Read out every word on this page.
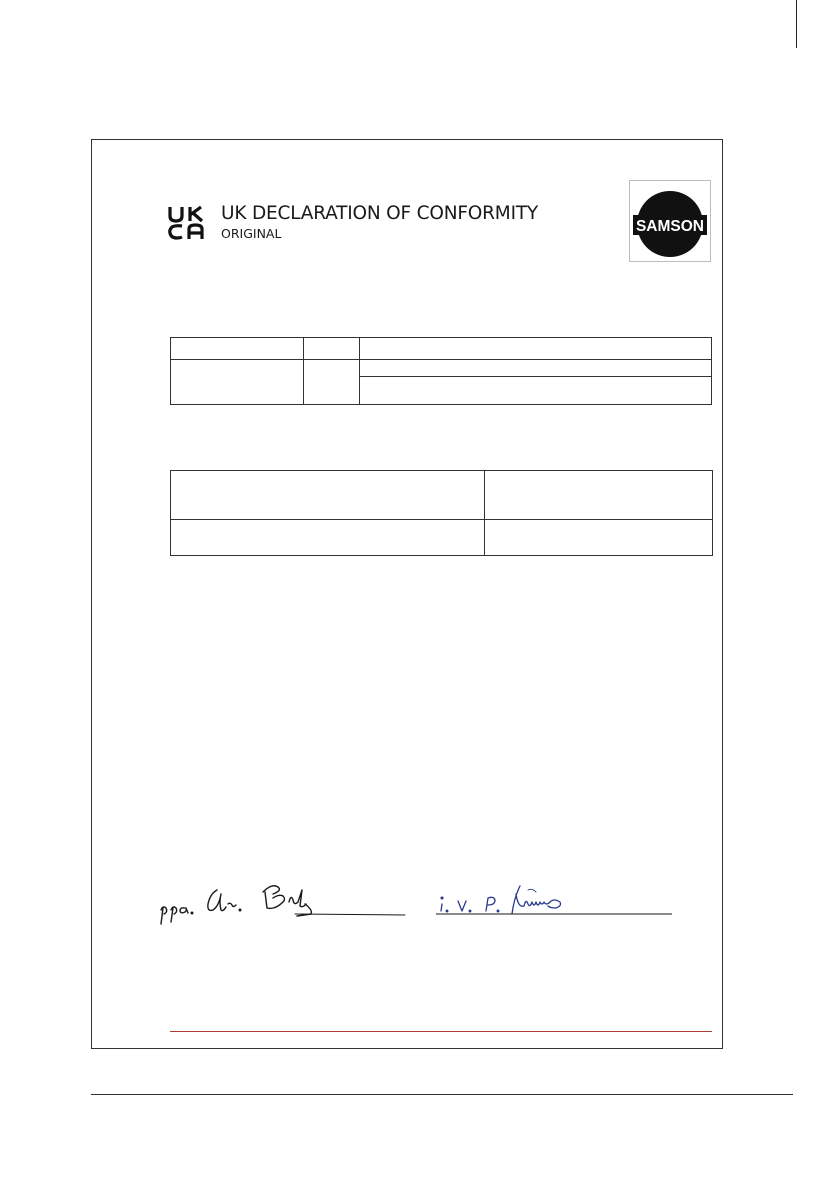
UK DECLARATION OF CONFORMITY
ORIGINAL	SAMSON
